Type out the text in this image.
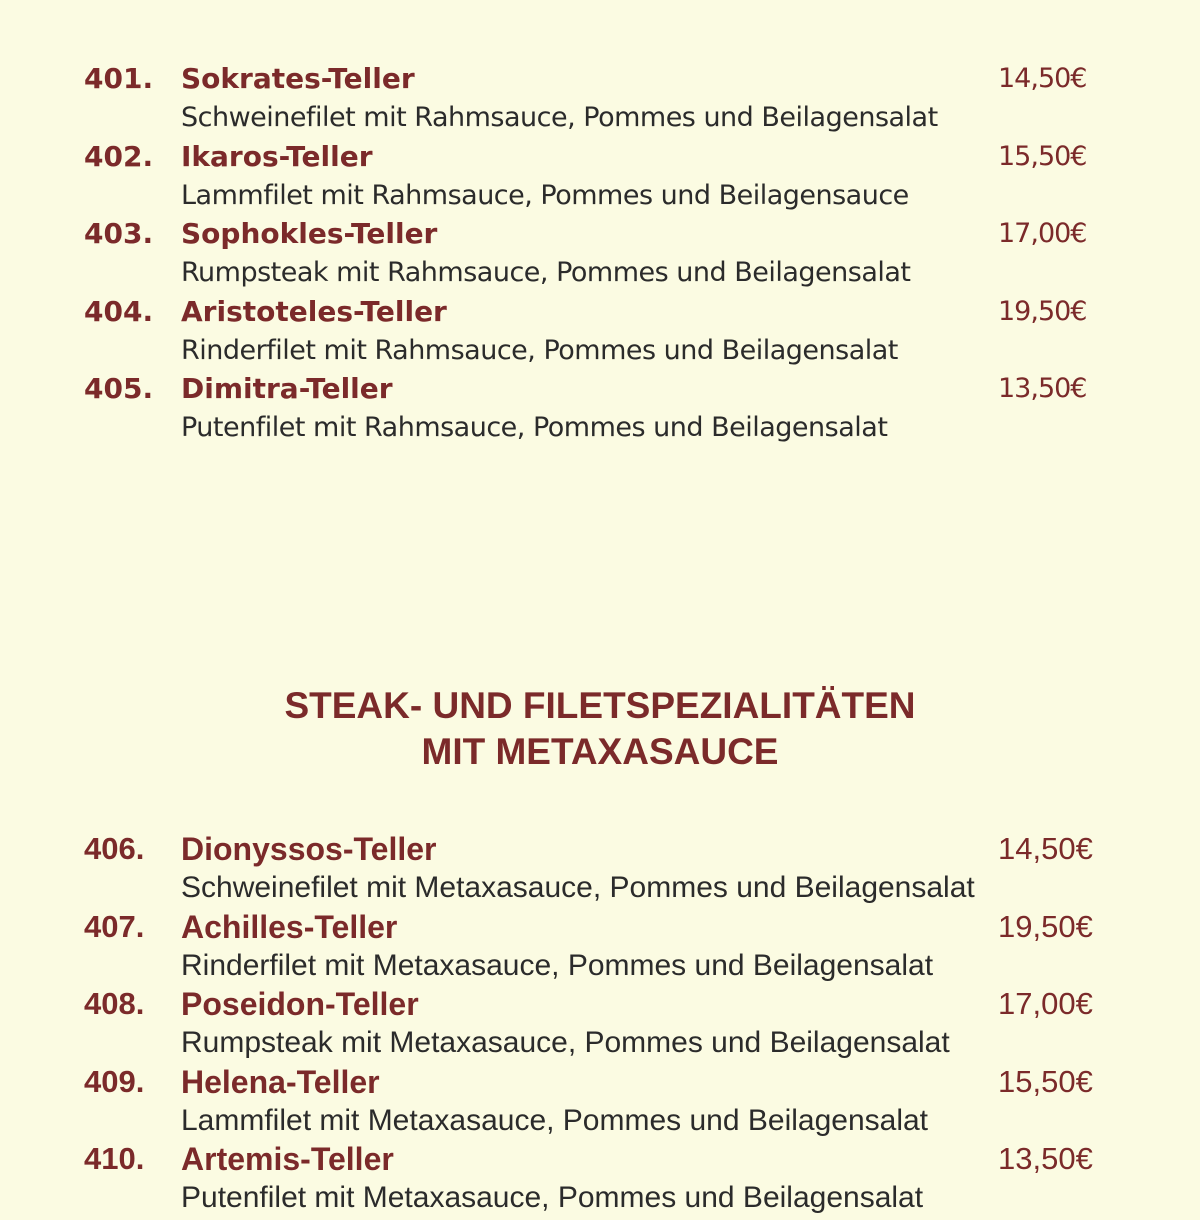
401. Sokrates-Teller	14,50€
Schweinefilet mit Rahmsauce, Pommes und Beilagensalat
402. Ikaros-Teller	15,50€
Lammfilet mit Rahmsauce, Pommes und Beilagensauce
403. Sophokles-Teller	17,00€
Rumpsteak mit Rahmsauce, Pommes und Beilagensalat
404. Aristoteles-Teller	19,50€
Rinderfilet mit Rahmsauce, Pommes und Beilagensalat
405. Dimitra-Teller	13,50€
Putenfilet mit Rahmsauce, Pommes und Beilagensalat
STEAK- UND FILETSPEZIALITÄTEN
MIT METAXASAUCE
406. Dionyssos-Teller	14,50€
Schweinefilet mit Metaxasauce, Pommes und Beilagensalat
407. Achilles-Teller	19,50€
Rinderfilet mit Metaxasauce, Pommes und Beilagensalat
408. Poseidon-Teller	17,00€
Rumpsteak mit Metaxasauce, Pommes und Beilagensalat
409. Helena-Teller	15,50€
Lammfilet mit Metaxasauce, Pommes und Beilagensalat
410. Artemis-Teller	13,50€
Putenfilet mit Metaxasauce, Pommes und Beilagensalat
